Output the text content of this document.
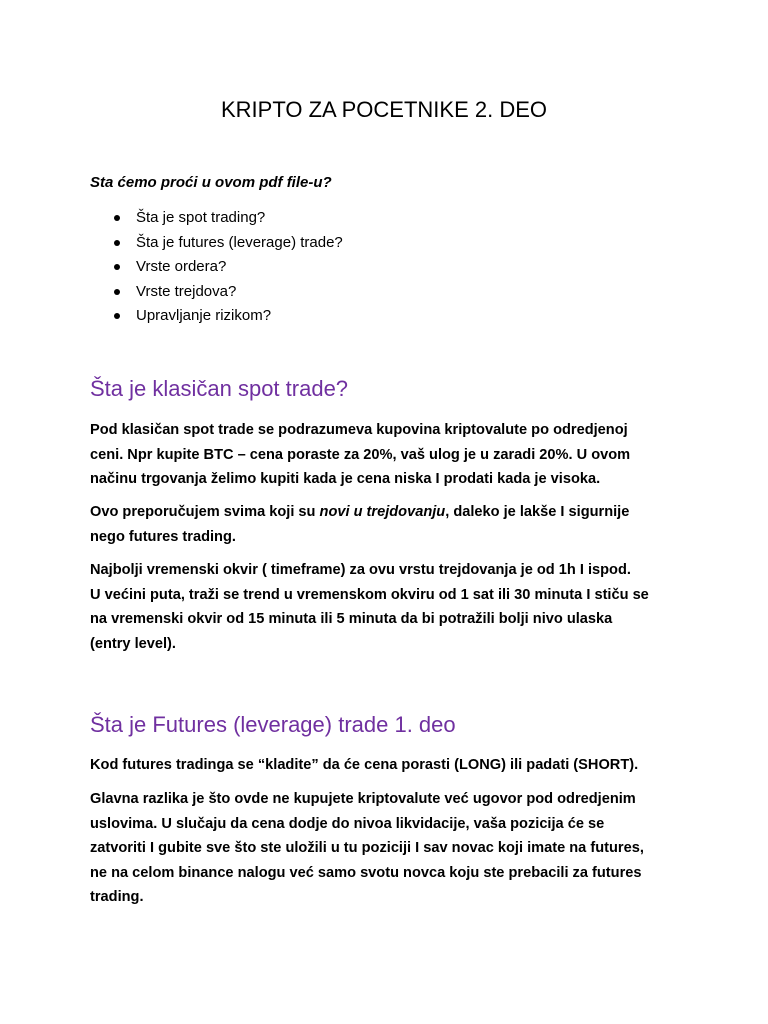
KRIPTO ZA POCETNIKE 2. DEO

Sta ćemo proći u ovom pdf file-u?

Šta je spot trading?
Šta je futures (leverage) trade?
Vrste ordera?
Vrste trejdova?
Upravljanje rizikom?
Šta je klasičan spot trade?

Pod klasičan spot trade se podrazumeva kupovina kriptovalute po odredjenoj
ceni. Npr kupite BTC – cena poraste za 20%, vaš ulog je u zaradi 20%. U ovom
načinu trgovanja želimo kupiti kada je cena niska I prodati kada je visoka.

Ovo preporučujem svima koji su novi u trejdovanju, daleko je lakše I sigurnije
nego futures trading.

Najbolji vremenski okvir ( timeframe) za ovu vrstu trejdovanja je od 1h I ispod.
U većini puta, traži se trend u vremenskom okviru od 1 sat ili 30 minuta I stiču se
na vremenski okvir od 15 minuta ili 5 minuta da bi potražili bolji nivo ulaska
(entry level).

Šta je Futures (leverage) trade 1. deo

Kod futures tradinga se “kladite” da će cena porasti (LONG) ili padati (SHORT).

Glavna razlika je što ovde ne kupujete kriptovalute već ugovor pod odredjenim
uslovima. U slučaju da cena dodje do nivoa likvidacije, vaša pozicija će se
zatvoriti I gubite sve što ste uložili u tu poziciji I sav novac koji imate na futures,
ne na celom binance nalogu već samo svotu novca koju ste prebacili za futures
trading.
